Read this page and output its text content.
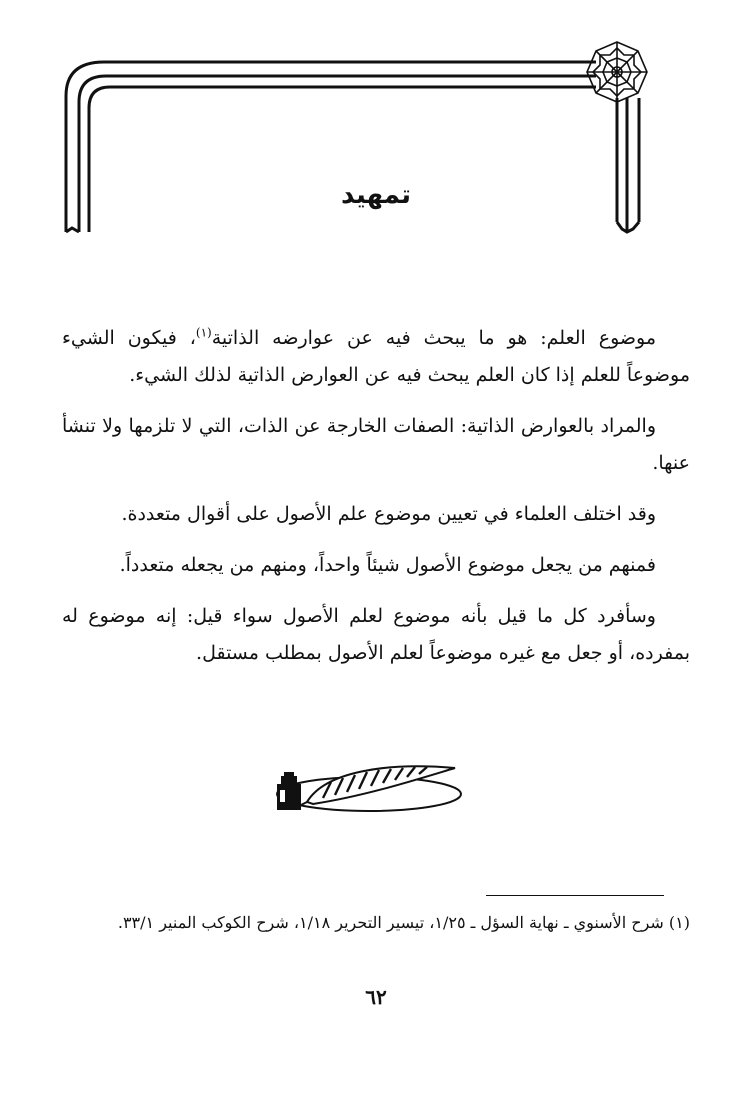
تمهيد

موضوع العلم: هو ما يبحث فيه عن عوارضه الذاتية$^{(١)}$، فيكون الشيء موضوعاً للعلم إذا كان العلم يبحث فيه عن العوارض الذاتية لذلك الشيء.

والمراد بالعوارض الذاتية: الصفات الخارجة عن الذات، التي لا تلزمها ولا تنشأ عنها.

وقد اختلف العلماء في تعيين موضوع علم الأصول على أقوال متعددة.

فمنهم من يجعل موضوع الأصول شيئاً واحداً، ومنهم من يجعله متعدداً.

وسأفرد كل ما قيل بأنه موضوع لعلم الأصول سواء قيل: إنه موضوع له بمفرده، أو جعل مع غيره موضوعاً لعلم الأصول بمطلب مستقل.

(١) شرح الأسنوي ـ نهاية السؤل ـ ١/٢٥، تيسير التحرير ١/١٨، شرح الكوكب المنير ٣٣/١.

٦٢
